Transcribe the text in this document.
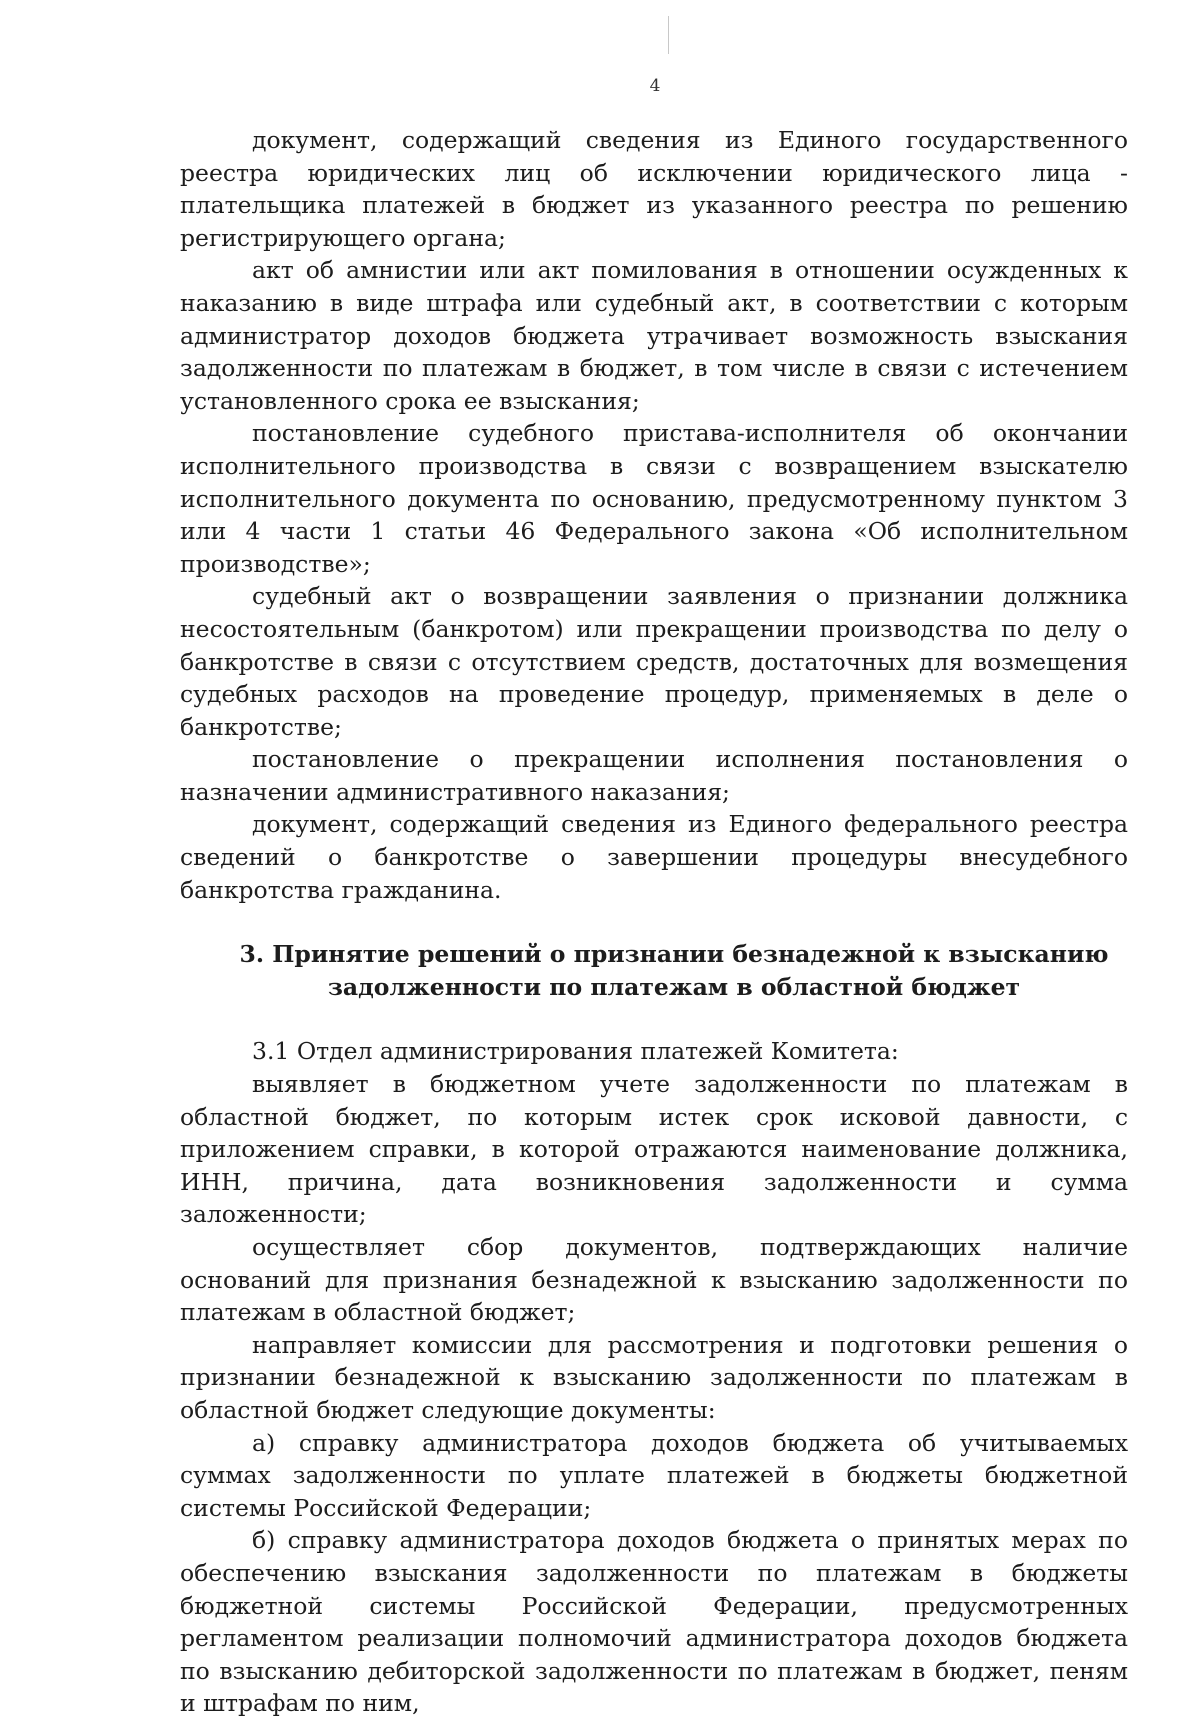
4

документ, содержащий сведения из Единого государственного реестра юридических лиц об исключении юридического лица - плательщика платежей в бюджет из указанного реестра по решению регистрирующего органа;

акт об амнистии или акт помилования в отношении осужденных к наказанию в виде штрафа или судебный акт, в соответствии с которым администратор доходов бюджета утрачивает возможность взыскания задолженности по платежам в бюджет, в том числе в связи с истечением установленного срока ее взыскания;

постановление судебного пристава-исполнителя об окончании исполнительного производства в связи с возвращением взыскателю исполнительного документа по основанию, предусмотренному пунктом 3 или 4 части 1 статьи 46 Федерального закона «Об исполнительном производстве»;

судебный акт о возвращении заявления о признании должника несостоятельным (банкротом) или прекращении производства по делу о банкротстве в связи с отсутствием средств, достаточных для возмещения судебных расходов на проведение процедур, применяемых в деле о банкротстве;

постановление о прекращении исполнения постановления о назначении административного наказания;

документ, содержащий сведения из Единого федерального реестра сведений о банкротстве о завершении процедуры внесудебного банкротства гражданина.

3. Принятие решений о признании безнадежной к взысканию
задолженности по платежам в областной бюджет

3.1 Отдел администрирования платежей Комитета:

выявляет в бюджетном учете задолженности по платежам в областной бюджет, по которым истек срок исковой давности, с приложением справки, в которой отражаются наименование должника, ИНН, причина, дата возникновения задолженности и сумма заложенности;

осуществляет сбор документов, подтверждающих наличие оснований для признания безнадежной к взысканию задолженности по платежам в областной бюджет;

направляет комиссии для рассмотрения и подготовки решения о признании безнадежной к взысканию задолженности по платежам в областной бюджет следующие документы:

а) справку администратора доходов бюджета об учитываемых суммах задолженности по уплате платежей в бюджеты бюджетной системы Российской Федерации;

б) справку администратора доходов бюджета о принятых мерах по обеспечению взыскания задолженности по платежам в бюджеты бюджетной системы Российской Федерации, предусмотренных регламентом реализации полномочий администратора доходов бюджета по взысканию дебиторской задолженности по платежам в бюджет, пеням и штрафам по ним,
